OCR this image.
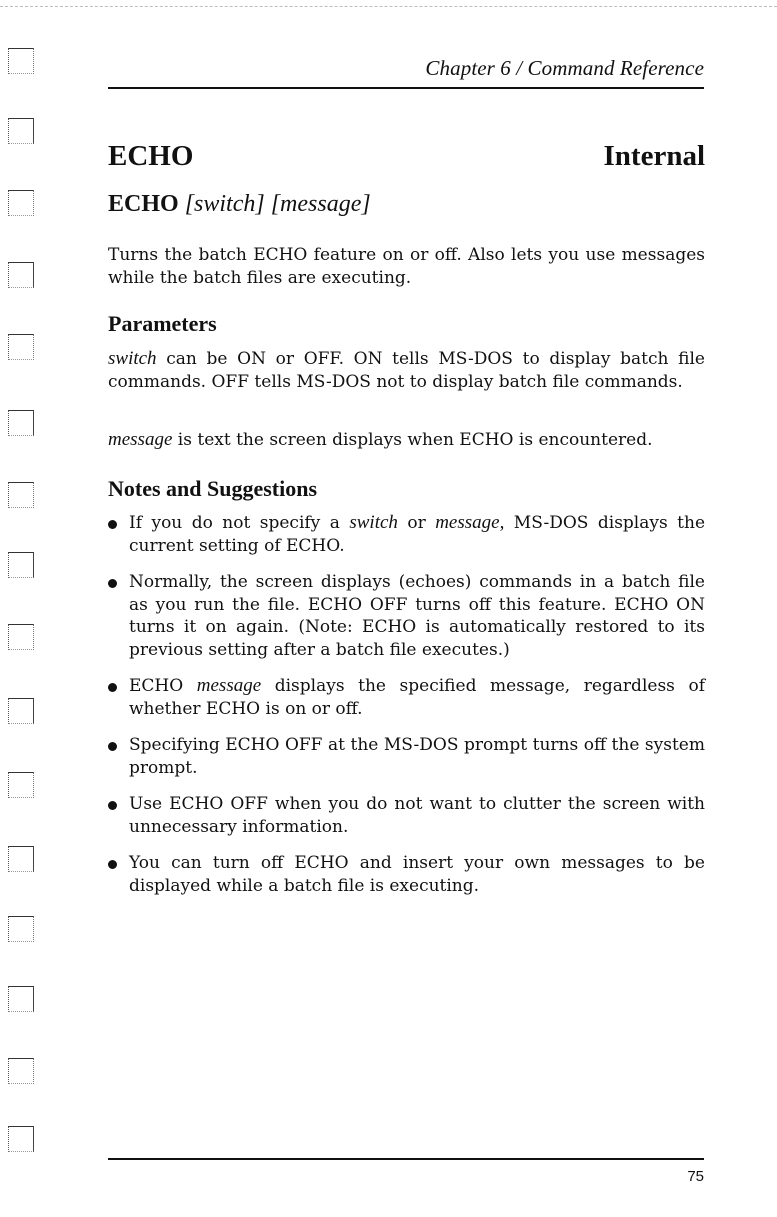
Chapter 6 / Command Reference
ECHO	Internal
ECHO [switch] [message]
Turns the batch ECHO feature on or off. Also lets you use messages while the batch files are executing.
Parameters
switch can be ON or OFF. ON tells MS-DOS to display batch file commands. OFF tells MS-DOS not to display batch file commands.
message is text the screen displays when ECHO is encountered.
Notes and Suggestions
If you do not specify a switch or message, MS-DOS displays the current setting of ECHO.
Normally, the screen displays (echoes) commands in a batch file as you run the file. ECHO OFF turns off this feature. ECHO ON turns it on again. (Note: ECHO is automatically restored to its previous setting after a batch file executes.)
ECHO message displays the specified message, regardless of whether ECHO is on or off.
Specifying ECHO OFF at the MS-DOS prompt turns off the system prompt.
Use ECHO OFF when you do not want to clutter the screen with unnecessary information.
You can turn off ECHO and insert your own messages to be displayed while a batch file is executing.
75
